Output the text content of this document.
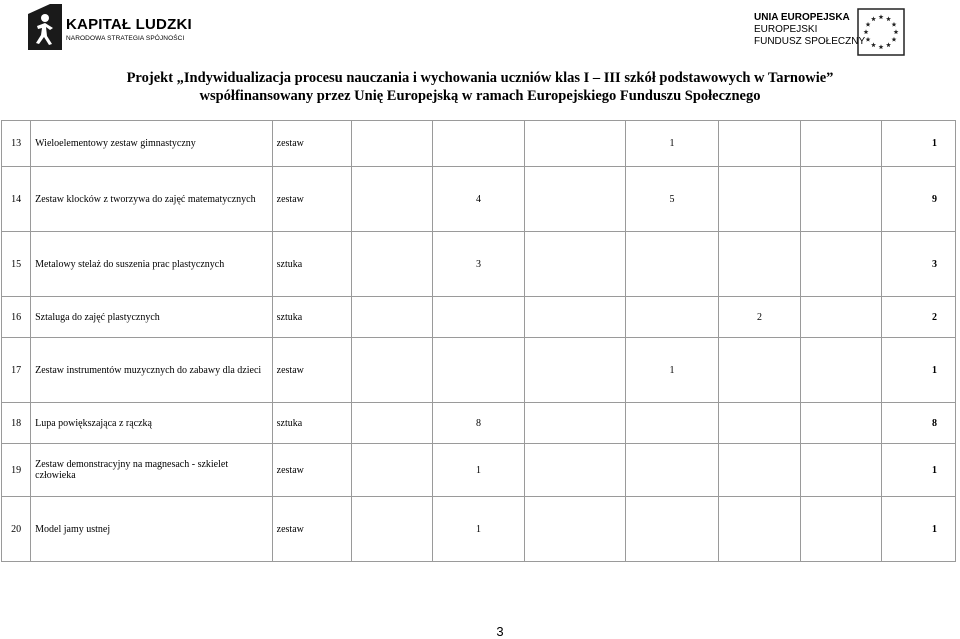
KAPITAŁ LUDZKI
NARODOWA STRATEGIA SPÓJNOŚCI
UNIA EUROPEJSKA
EUROPEJSKI
FUNDUSZ SPOŁECZNY
Projekt „Indywidualizacja procesu nauczania i wychowania uczniów klas I – III szkół podstawowych w Tarnowie”
współfinansowany przez Unię Europejską w ramach Europejskiego Funduszu Społecznego
13	Wieloelementowy zestaw gimnastyczny	zestaw				1			1
14	Zestaw klocków z tworzywa do zajęć matematycznych	zestaw		4		5			9
15	Metalowy stelaż do suszenia prac plastycznych	sztuka		3					3
16	Sztaluga do zajęć plastycznych	sztuka					2		2
17	Zestaw instrumentów muzycznych do zabawy dla dzieci	zestaw				1			1
18	Lupa powiększająca z rączką	sztuka		8					8
19	Zestaw demonstracyjny na magnesach - szkielet człowieka	zestaw		1					1
20	Model jamy ustnej	zestaw		1					1
3
